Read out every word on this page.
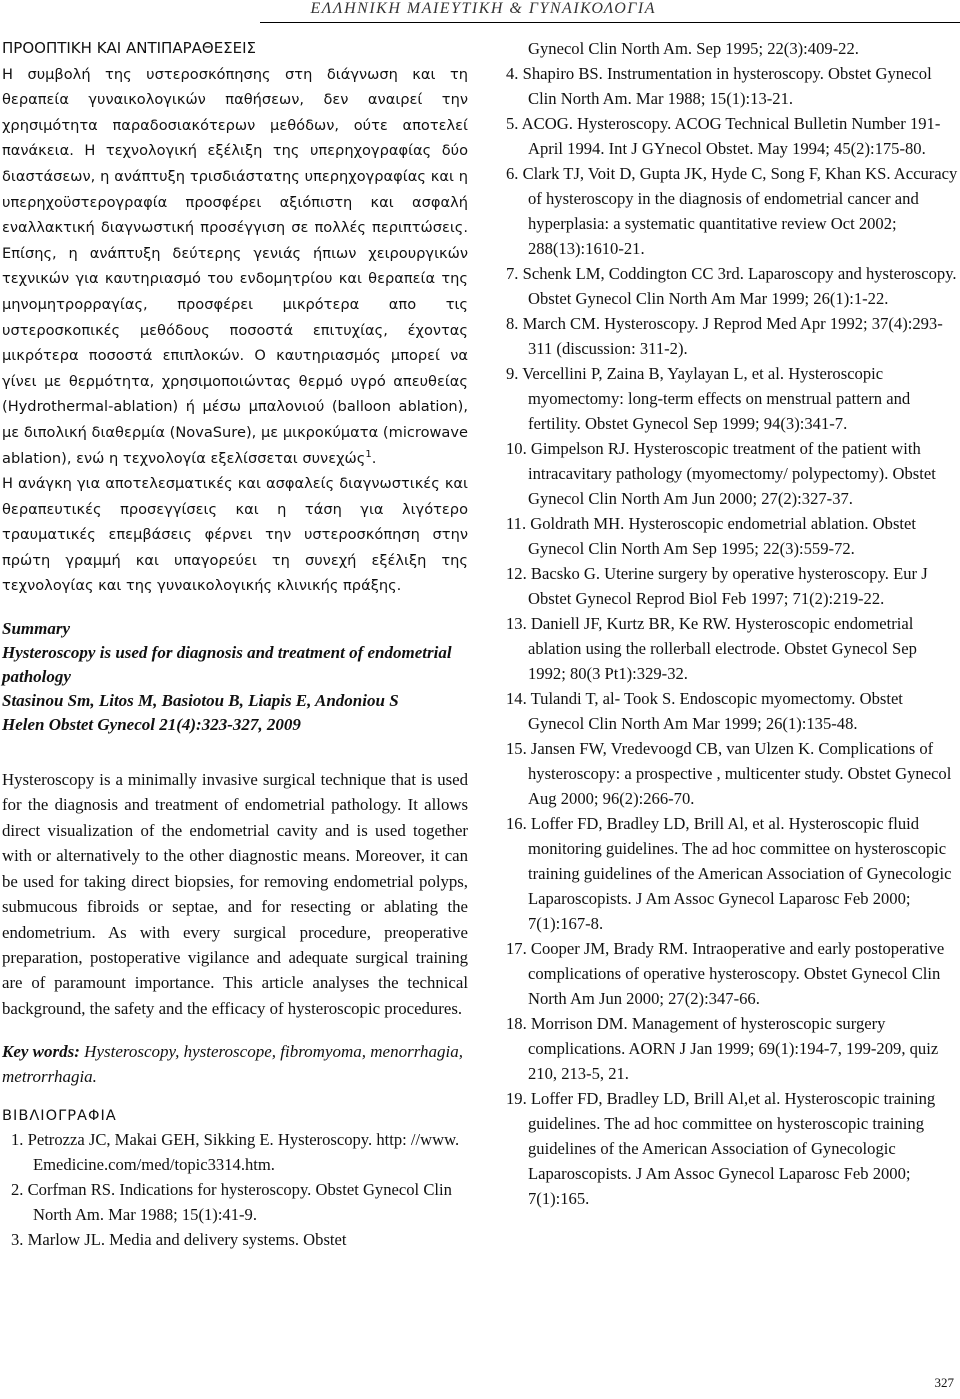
ΕΛΛΗΝΙΚΗ ΜΑΙΕΥΤΙΚΗ & ΓΥΝΑΙΚΟΛΟΓΙΑ
ΠΡΟΟΠΤΙΚΗ ΚΑΙ ΑΝΤΙΠΑΡΑΘΕΣΕΙΣ

Η συμβολή της υστεροσκόπησης στη διάγνωση και τη θεραπεία γυναικολογικών παθήσεων, δεν αναιρεί την χρησιμότητα παραδοσιακότερων μεθόδων, ούτε αποτελεί πανάκεια. Η τεχνολογική εξέλιξη της υπερηχογραφίας δύο διαστάσεων, η ανάπτυξη τρισδιάστατης υπερηχογραφίας και η υπερηχοϋστερογραφία προσφέρει αξιόπιστη και ασφαλή εναλλακτική διαγνωστική προσέγγιση σε πολλές περιπτώσεις. Επίσης, η ανάπτυξη δεύτερης γενιάς ήπιων χειρουργικών τεχνικών για καυτηριασμό του ενδομητρίου και θεραπεία της μηνομητρορραγίας, προσφέρει μικρότερα απο τις υστεροσκοπικές μεθόδους ποσοστά επιτυχίας, έχοντας μικρότερα ποσοστά επιπλοκών. Ο καυτηριασμός μπορεί να γίνει με θερμότητα, χρησιμοποιώντας θερμό υγρό απευθείας (Hydrothermal-ablation) ή μέσω μπαλονιού (balloon ablation), με διπολική διαθερμία (NovaSure), με μικροκύματα (microwave ablation), ενώ η τεχνολογία εξελίσσεται συνεχώς$^1$.

Η ανάγκη για αποτελεσματικές και ασφαλείς διαγνωστικές και θεραπευτικές προσεγγίσεις και η τάση για λιγότερο τραυματικές επεμβάσεις φέρνει την υστεροσκόπηση στην πρώτη γραμμή και υπαγορεύει τη συνεχή εξέλιξη της τεχνολογίας και της γυναικολογικής κλινικής πράξης.

Summary
Hysteroscopy is used for diagnosis and treatment of endometrial pathology
Stasinou Sm, Litos M, Basiotou B, Liapis E, Andoniou S
Helen Obstet Gynecol 21(4):323-327, 2009

Hysteroscopy is a minimally invasive surgical technique that is used for the diagnosis and treatment of endometrial pathology. It allows direct visualization of the endometrial cavity and is used together with or alternatively to the other diagnostic means. Moreover, it can be used for taking direct biopsies, for removing endometrial polyps, submucous fibroids or septae, and for resecting or ablating the endometrium. As with every surgical procedure, preoperative preparation, postoperative vigilance and adequate surgical training are of paramount importance. This article analyses the technical background, the safety and the efficacy of hysteroscopic procedures.

Key words: Hysteroscopy, hysteroscope, fibromyoma, menorrhagia, metrorrhagia.

ΒΙΒΛΙΟΓΡΑΦΙΑ
1. Petrozza JC, Makai GEH, Sikking E. Hysteroscopy. http: //www. Emedicine.com/med/topic3314.htm.
2. Corfman RS. Indications for hysteroscopy. Obstet Gynecol Clin North Am. Mar 1988; 15(1):41-9.
3. Marlow JL. Media and delivery systems. Obstet
Gynecol Clin North Am. Sep 1995; 22(3):409-22.
4. Shapiro BS. Instrumentation in hysteroscopy. Obstet Gynecol Clin North Am. Mar 1988; 15(1):13-21.
5. ACOG. Hysteroscopy. ACOG Technical Bulletin Number 191-April 1994. Int J GYnecol Obstet. May 1994; 45(2):175-80.
6. Clark TJ, Voit D, Gupta JK, Hyde C, Song F, Khan KS. Accuracy of hysteroscopy in the diagnosis of endometrial cancer and hyperplasia: a systematic quantitative review Oct 2002; 288(13):1610-21.
7. Schenk LM, Coddington CC 3rd. Laparoscopy and hysteroscopy. Obstet Gynecol Clin North Am Mar 1999; 26(1):1-22.
8. March CM. Hysteroscopy. J Reprod Med Apr 1992; 37(4):293-311 (discussion: 311-2).
9. Vercellini P, Zaina B, Yaylayan L, et al. Hysteroscopic myomectomy: long-term effects on menstrual pattern and fertility. Obstet Gynecol Sep 1999; 94(3):341-7.
10. Gimpelson RJ. Hysteroscopic treatment of the patient with intracavitary pathology (myomectomy/ polypectomy). Obstet Gynecol Clin North Am Jun 2000; 27(2):327-37.
11. Goldrath MH. Hysteroscopic endometrial ablation. Obstet Gynecol Clin North Am Sep 1995; 22(3):559-72.
12. Bacsko G. Uterine surgery by operative hysteroscopy. Eur J Obstet Gynecol Reprod Biol Feb 1997; 71(2):219-22.
13. Daniell JF, Kurtz BR, Ke RW. Hysteroscopic endometrial ablation using the rollerball electrode. Obstet Gynecol Sep 1992; 80(3 Pt1):329-32.
14. Tulandi T, al- Took S. Endoscopic myomectomy. Obstet Gynecol Clin North Am Mar 1999; 26(1):135-48.
15. Jansen FW, Vredevoogd CB, van Ulzen K. Complications of hysteroscopy: a prospective , multicenter study. Obstet Gynecol Aug 2000; 96(2):266-70.
16. Loffer FD, Bradley LD, Brill Al, et al. Hysteroscopic fluid monitoring guidelines. The ad hoc committee on hysteroscopic training guidelines of the American Association of Gynecologic Laparoscopists. J Am Assoc Gynecol Laparosc Feb 2000; 7(1):167-8.
17. Cooper JM, Brady RM. Intraoperative and early postoperative complications of operative hysteroscopy. Obstet Gynecol Clin North Am Jun 2000; 27(2):347-66.
18. Morrison DM. Management of hysteroscopic surgery complications. AORN J Jan 1999; 69(1):194-7, 199-209, quiz 210, 213-5, 21.
19. Loffer FD, Bradley LD, Brill Al,et al. Hysteroscopic training guidelines. The ad hoc committee on hysteroscopic training guidelines of the American Association of Gynecologic Laparoscopists. J Am Assoc Gynecol Laparosc Feb 2000; 7(1):165.
327
